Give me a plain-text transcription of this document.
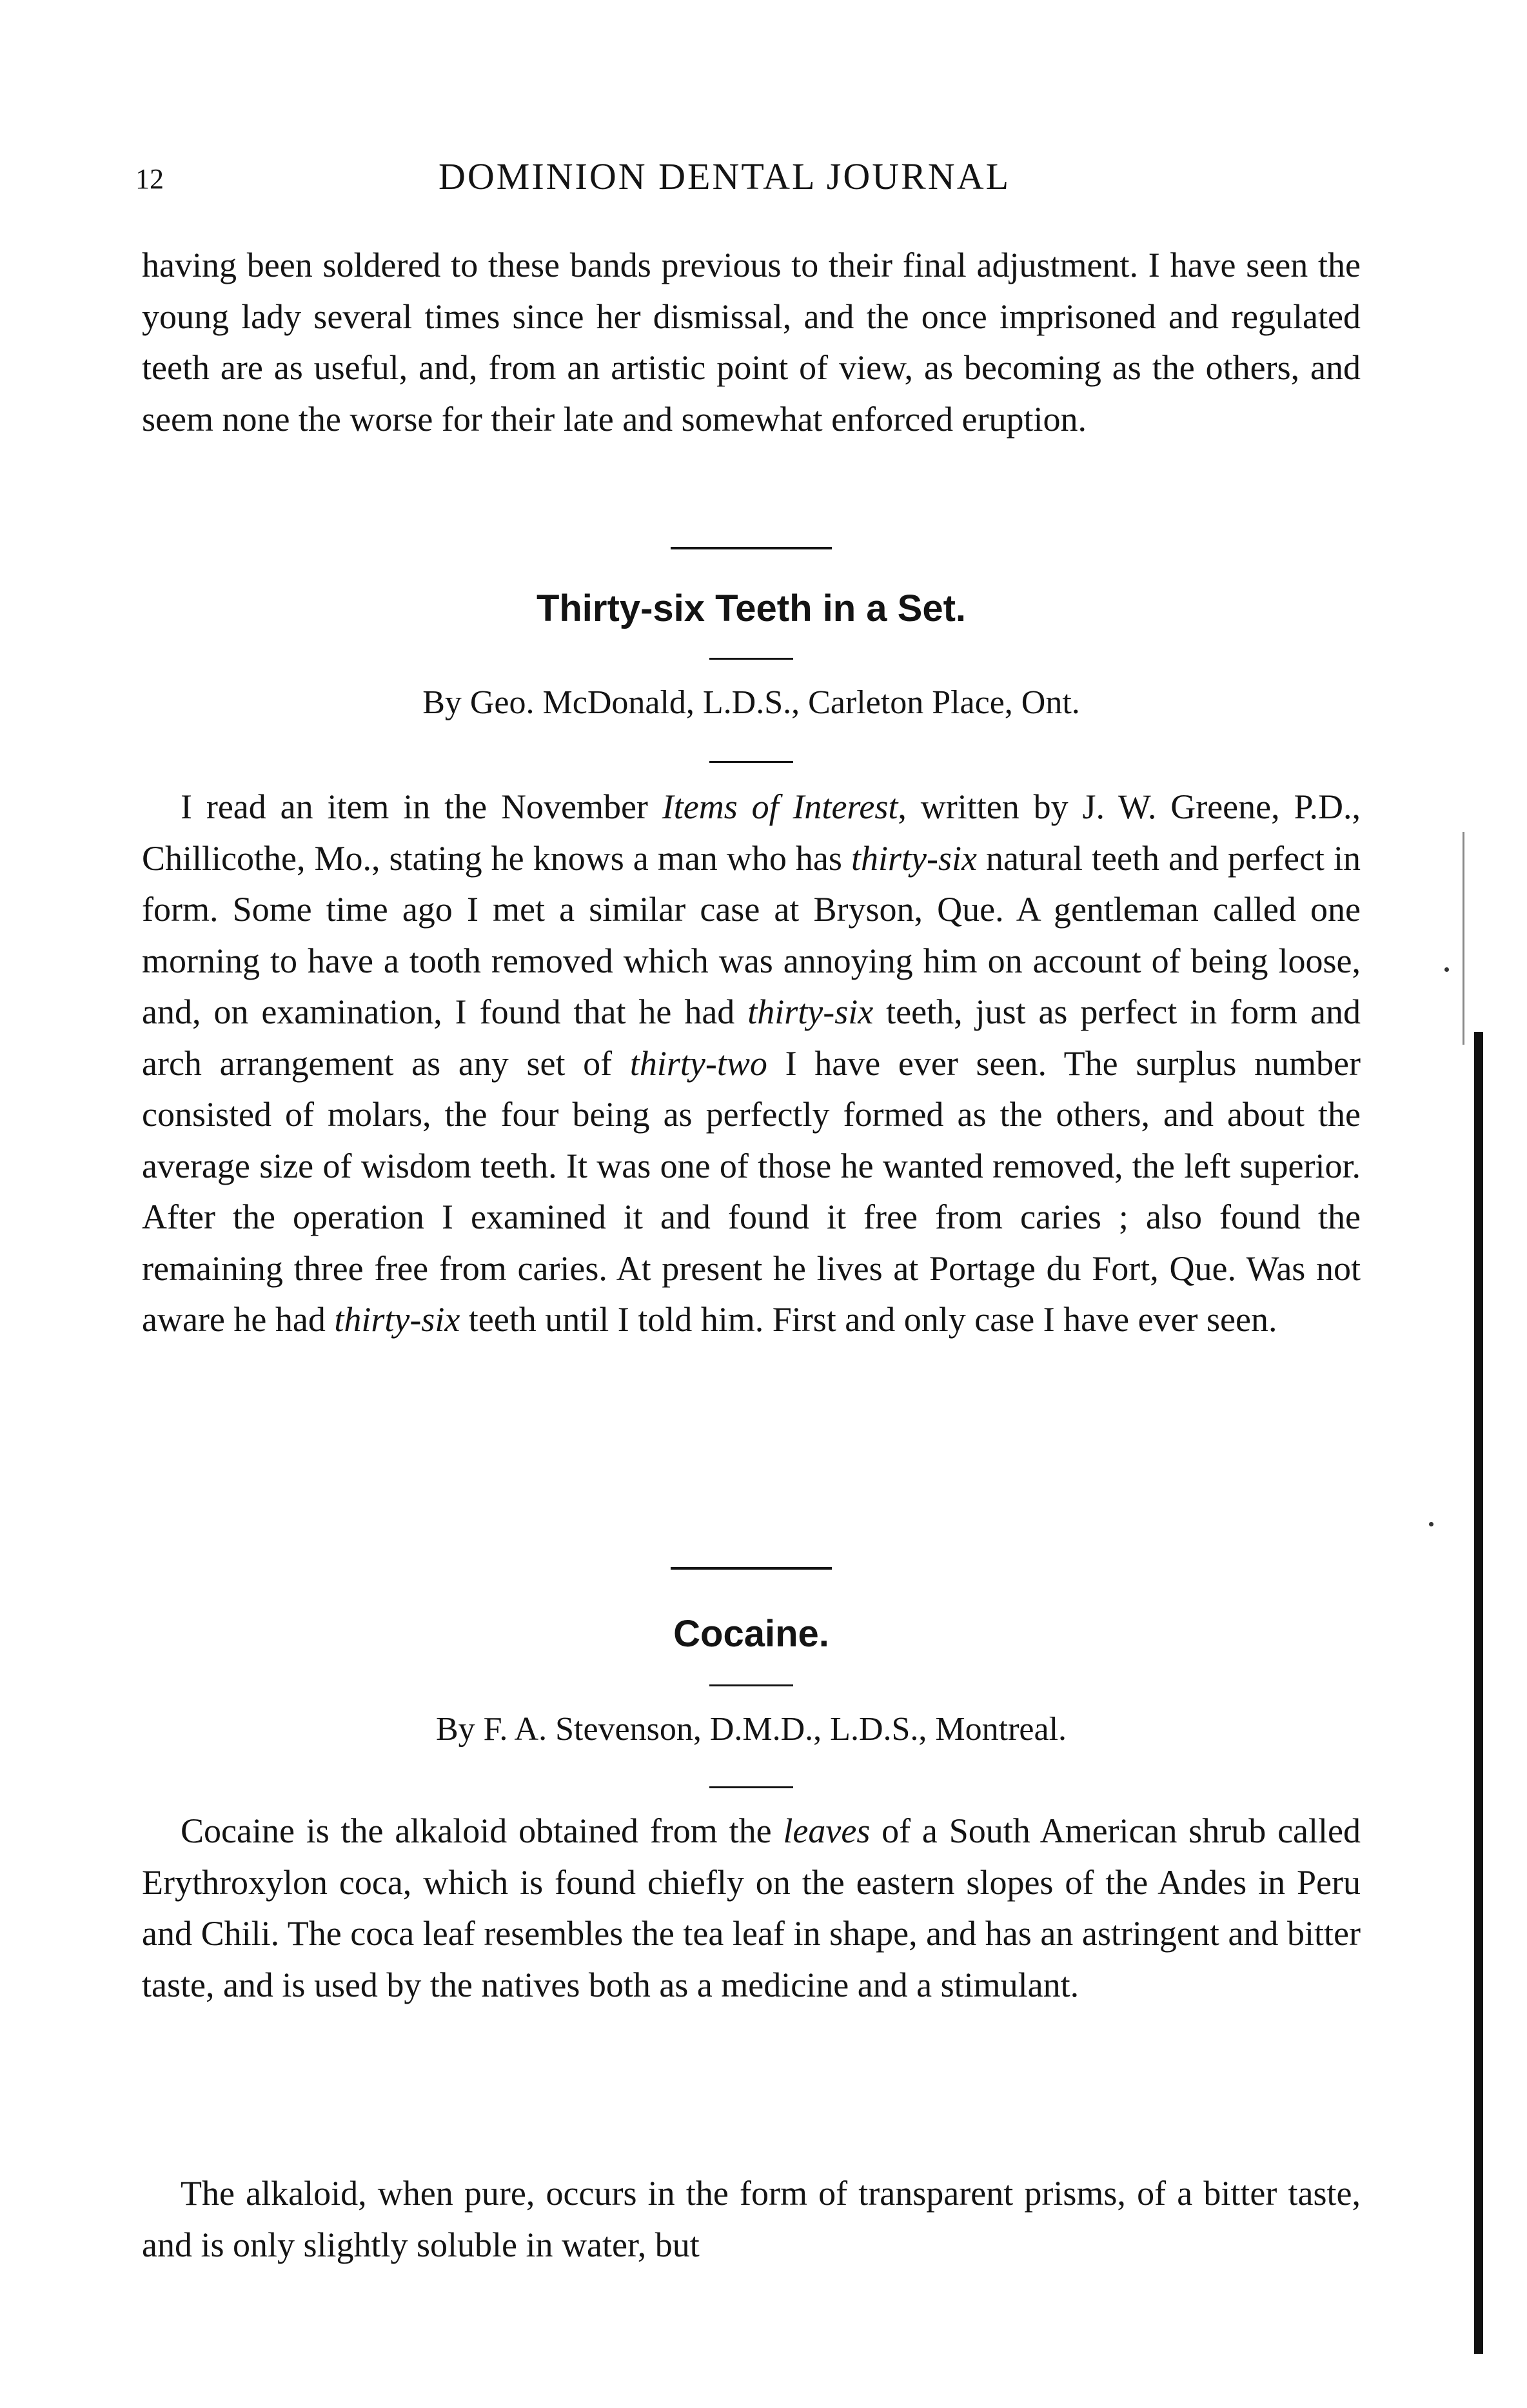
12	DOMINION DENTAL JOURNAL

having been soldered to these bands previous to their final adjustment. I have seen the young lady several times since her dismissal, and the once imprisoned and regulated teeth are as useful, and, from an artistic point of view, as becoming as the others, and seem none the worse for their late and somewhat enforced eruption.

Thirty-six Teeth in a Set.

By Geo. McDonald, L.D.S., Carleton Place, Ont.

I read an item in the November Items of Interest, written by J. W. Greene, P.D., Chillicothe, Mo., stating he knows a man who has thirty-six natural teeth and perfect in form. Some time ago I met a similar case at Bryson, Que. A gentleman called one morning to have a tooth removed which was annoying him on account of being loose, and, on examination, I found that he had thirty-six teeth, just as perfect in form and arch arrangement as any set of thirty-two I have ever seen. The surplus number consisted of molars, the four being as perfectly formed as the others, and about the average size of wisdom teeth. It was one of those he wanted removed, the left superior. After the operation I examined it and found it free from caries ; also found the remaining three free from caries. At present he lives at Portage du Fort, Que. Was not aware he had thirty-six teeth until I told him. First and only case I have ever seen.

Cocaine.

By F. A. Stevenson, D.M.D., L.D.S., Montreal.

Cocaine is the alkaloid obtained from the leaves of a South American shrub called Erythroxylon coca, which is found chiefly on the eastern slopes of the Andes in Peru and Chili. The coca leaf resembles the tea leaf in shape, and has an astringent and bitter taste, and is used by the natives both as a medicine and a stimulant.

The alkaloid, when pure, occurs in the form of transparent prisms, of a bitter taste, and is only slightly soluble in water, but
